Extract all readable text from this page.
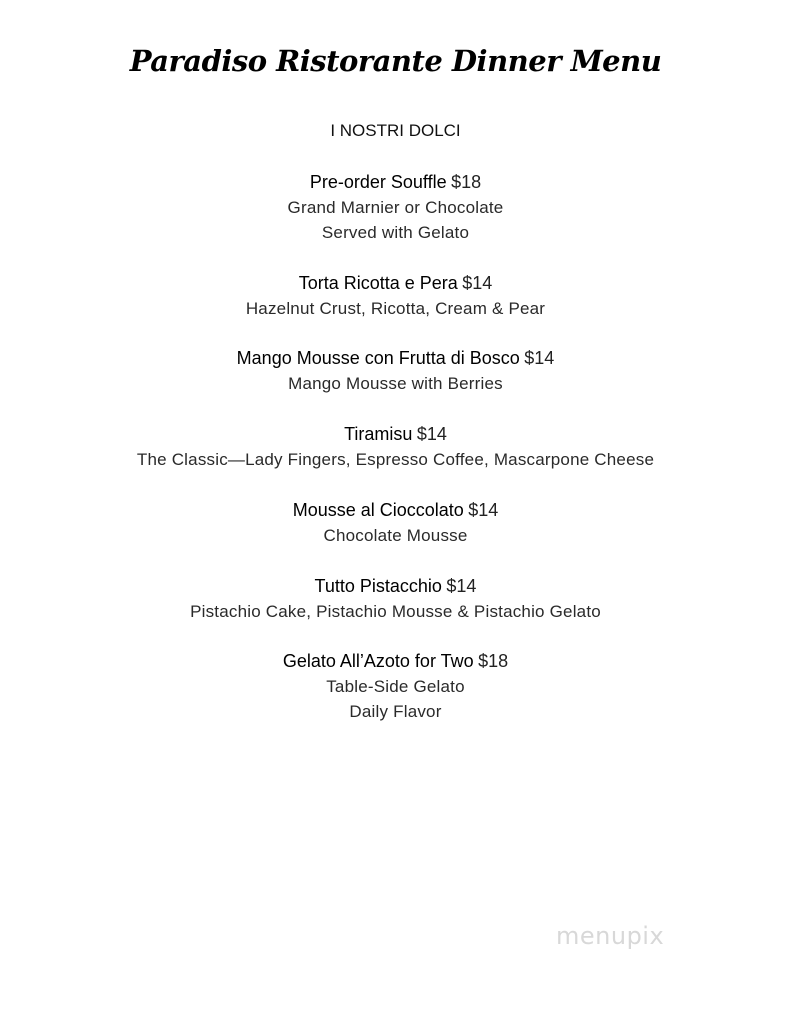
Paradiso Ristorante Dinner Menu
I NOSTRI DOLCI
Pre-order Souffle $18
Grand Marnier or Chocolate
Served with Gelato
Torta Ricotta e Pera $14
Hazelnut Crust, Ricotta, Cream & Pear
Mango Mousse con Frutta di Bosco $14
Mango Mousse with Berries
Tiramisu $14
The Classic—Lady Fingers, Espresso Coffee, Mascarpone Cheese
Mousse al Cioccolato $14
Chocolate Mousse
Tutto Pistacchio $14
Pistachio Cake, Pistachio Mousse & Pistachio Gelato
Gelato All’Azoto for Two $18
Table-Side Gelato
Daily Flavor
menupix
